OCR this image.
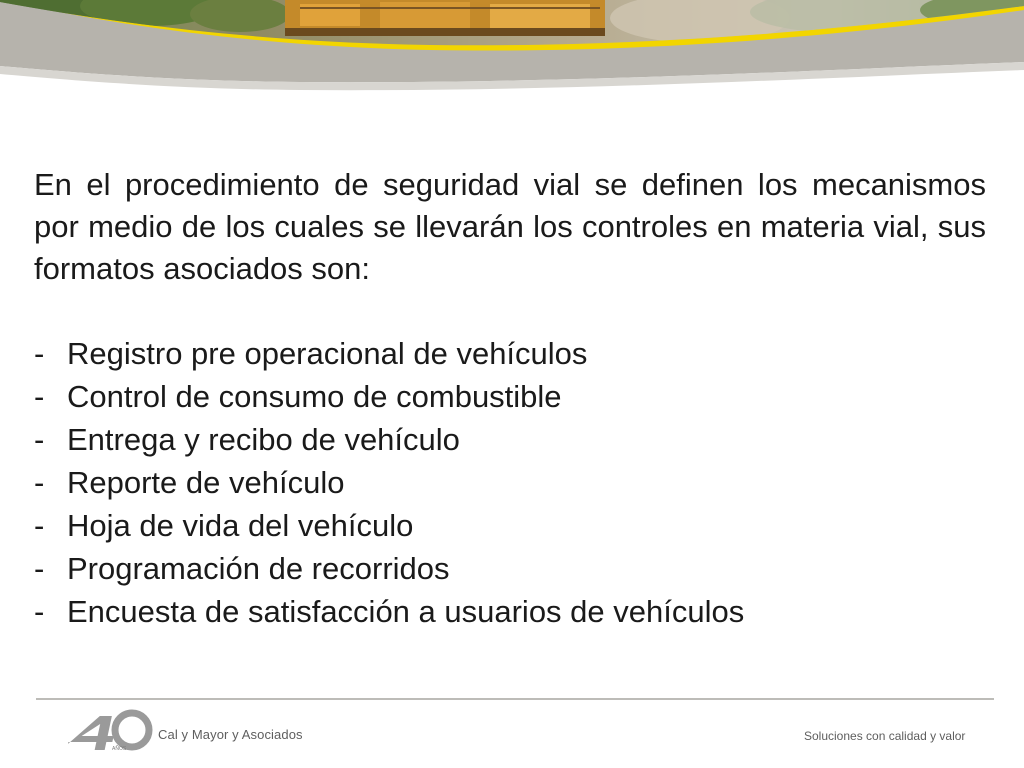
En el procedimiento de seguridad vial se definen los mecanismos por medio de los cuales se llevarán los controles en materia vial, sus formatos asociados son:

- Registro pre operacional de vehículos
- Control de consumo de combustible
- Entrega y recibo de vehículo
- Reporte de vehículo
- Hoja de vida del vehículo
- Programación de recorridos
- Encuesta de satisfacción a usuarios de vehículos
AÑOS
Cal y Mayor y Asociados	Soluciones con calidad y valor
